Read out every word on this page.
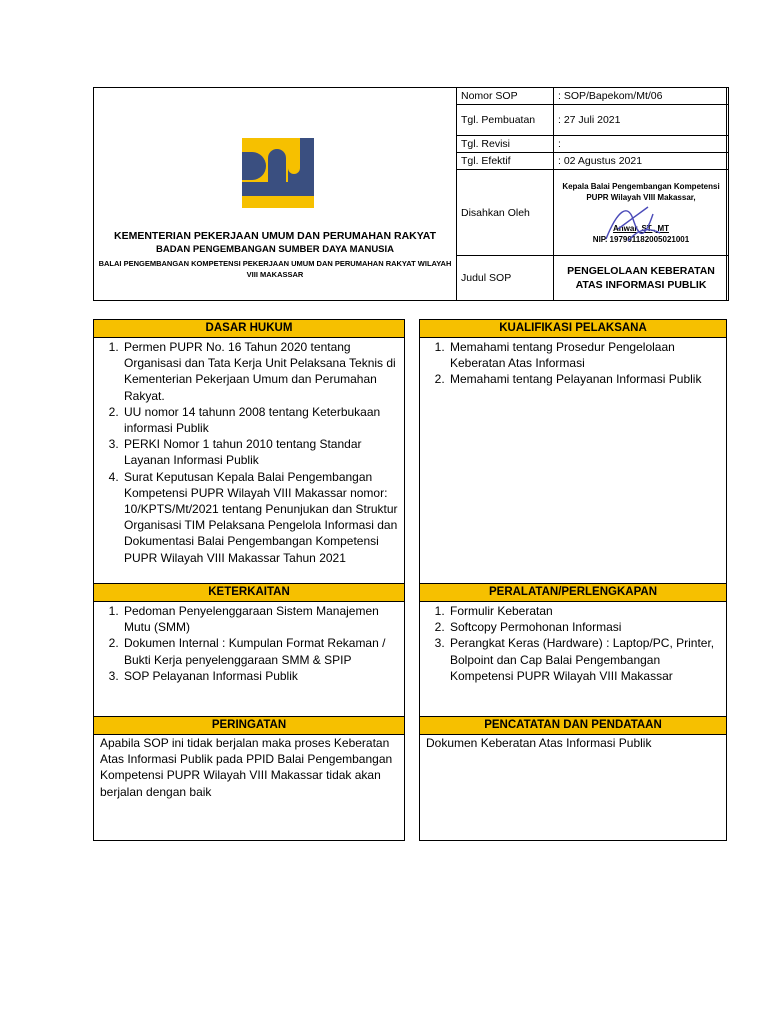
KEMENTERIAN PEKERJAAN UMUM DAN PERUMAHAN RAKYAT
BADAN PENGEMBANGAN SUMBER DAYA MANUSIA
BALAI PENGEMBANGAN KOMPETENSI PEKERJAAN UMUM DAN PERUMAHAN RAKYAT WILAYAH VIII MAKASSAR
Nomor SOP	: SOP/Bapekom/Mt/06
Tgl. Pembuatan	: 27 Juli 2021
Tgl. Revisi	:
Tgl. Efektif	: 02 Agustus 2021
Disahkan Oleh	Kepala Balai Pengembangan Kompetensi PUPR Wilayah VIII Makassar,
Anwar, ST., MT
NIP. 197901182005021001

Judul SOP	PENGELOLAAN KEBERATAN ATAS INFORMASI PUBLIK
DASAR HUKUM
1. Permen PUPR No. 16 Tahun 2020 tentang Organisasi dan Tata Kerja Unit Pelaksana Teknis di Kementerian Pekerjaan Umum dan Perumahan Rakyat.
2. UU nomor 14 tahunn 2008 tentang Keterbukaan informasi Publik
3. PERKI Nomor 1 tahun 2010 tentang Standar Layanan Informasi Publik
4. Surat Keputusan Kepala Balai Pengembangan Kompetensi PUPR Wilayah VIII Makassar nomor: 10/KPTS/Mt/2021 tentang Penunjukan dan Struktur Organisasi TIM Pelaksana Pengelola Informasi dan Dokumentasi Balai Pengembangan Kompetensi PUPR Wilayah VIII Makassar Tahun 2021
KUALIFIKASI PELAKSANA
1. Memahami tentang Prosedur Pengelolaan Keberatan Atas Informasi
2. Memahami tentang Pelayanan Informasi Publik
KETERKAITAN
1. Pedoman Penyelenggaraan Sistem Manajemen Mutu (SMM)
2. Dokumen Internal : Kumpulan Format Rekaman / Bukti Kerja penyelenggaraan SMM & SPIP
3. SOP Pelayanan Informasi Publik
PERALATAN/PERLENGKAPAN
1. Formulir Keberatan
2. Softcopy Permohonan Informasi
3. Perangkat Keras (Hardware) : Laptop/PC, Printer, Bolpoint dan Cap Balai Pengembangan Kompetensi PUPR Wilayah VIII Makassar
PERINGATAN
Apabila SOP ini tidak berjalan maka proses Keberatan Atas Informasi Publik pada PPID Balai Pengembangan Kompetensi PUPR Wilayah VIII Makassar tidak akan berjalan dengan baik
PENCATATAN DAN PENDATAAN
Dokumen Keberatan Atas Informasi Publik
